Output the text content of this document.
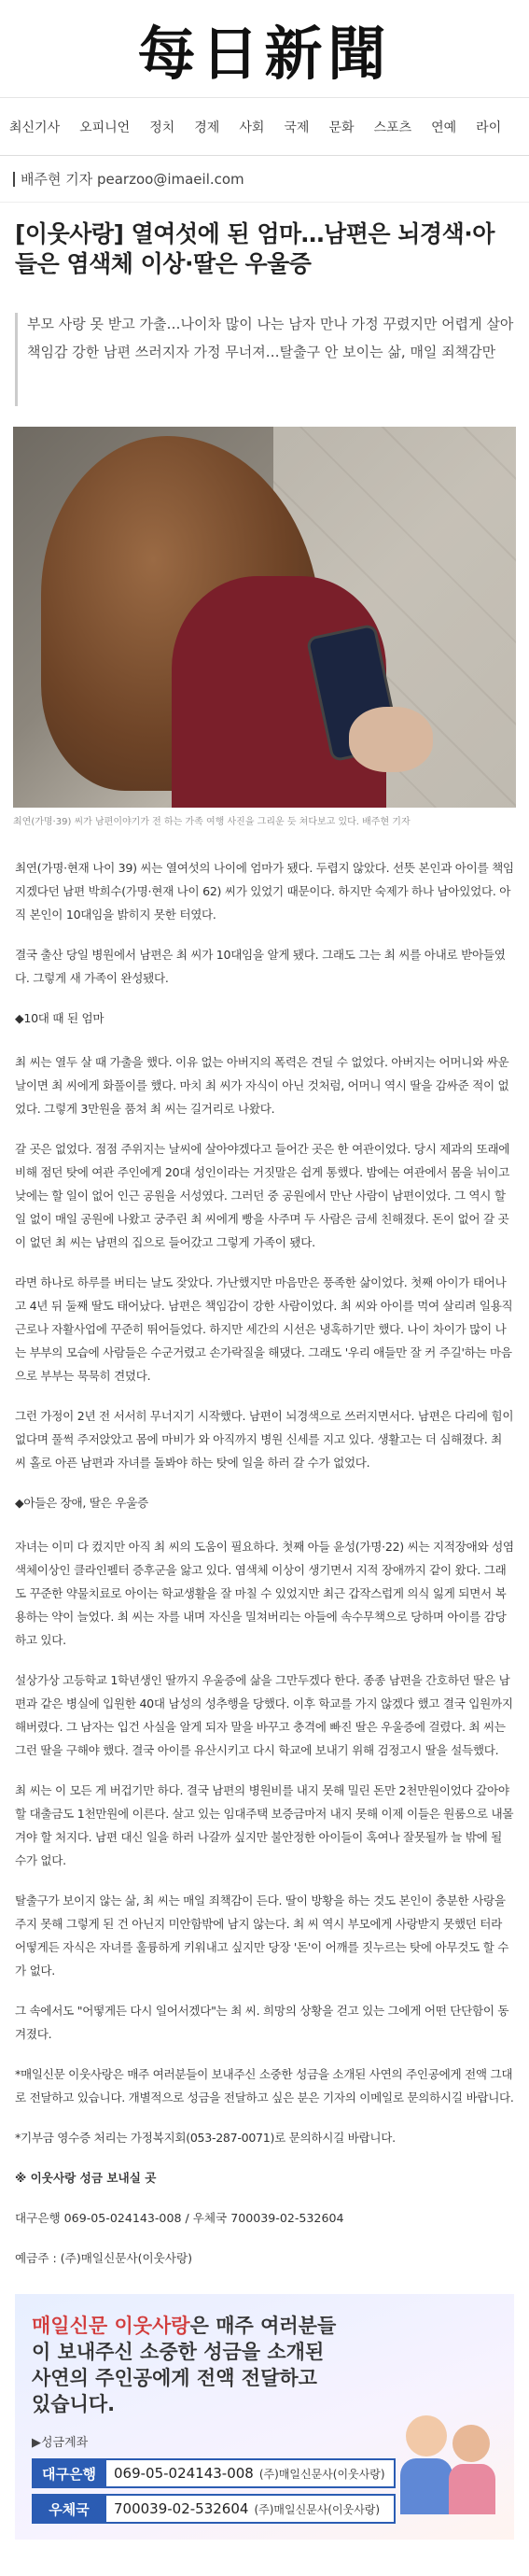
每日新聞
최신기사 오피니언 정치 경제 사회 국제 문화 스포츠 연예 라이
배주현 기자 pearzoo@imaeil.com
[이웃사랑] 열여섯에 된 엄마…남편은 뇌경색·아들은 염색체 이상·딸은 우울증

부모 사랑 못 받고 가출…나이차 많이 나는 남자 만나 가정 꾸렸지만 어렵게 살아

책임감 강한 남편 쓰러지자 가정 무너져…탈출구 안 보이는 삶, 매일 죄책감만

최연(가명·39) 씨가 남편이야기가 전 하는 가족 여행 사진을 그리운 듯 쳐다보고 있다. 배주현 기자

최연(가명·현재 나이 39) 씨는 열여섯의 나이에 엄마가 됐다. 두렵지 않았다. 선뜻 본인과 아이를 책임지겠다던 남편 박희수(가명·현재 나이 62) 씨가 있었기 때문이다. 하지만 숙제가 하나 남아있었다. 아직 본인이 10대임을 밝히지 못한 터였다.

결국 출산 당일 병원에서 남편은 최 씨가 10대임을 알게 됐다. 그래도 그는 최 씨를 아내로 받아들였다. 그렇게 새 가족이 완성됐다.

◆10대 때 된 엄마

최 씨는 열두 살 때 가출을 했다. 이유 없는 아버지의 폭력은 견딜 수 없었다. 아버지는 어머니와 싸운 날이면 최 씨에게 화풀이를 했다. 마치 최 씨가 자식이 아닌 것처럼, 어머니 역시 딸을 감싸준 적이 없었다. 그렇게 3만원을 품쳐 최 씨는 길거리로 나왔다.

갈 곳은 없었다. 점점 주위지는 날씨에 살아야겠다고 들어간 곳은 한 여관이었다. 당시 제과의 또래에 비해 점던 탓에 여관 주인에게 20대 성인이라는 거짓말은 쉽게 통했다. 밤에는 여관에서 몸을 뉘이고 낮에는 할 일이 없어 인근 공원을 서성였다. 그러던 중 공원에서 만난 사람이 남편이었다. 그 역시 할 일 없이 매일 공원에 나왔고 궁주린 최 씨에게 빵을 사주며 두 사람은 금세 친해졌다. 돈이 없어 갈 곳이 없던 최 씨는 남편의 집으로 들어갔고 그렇게 가족이 됐다.

라면 하나로 하루를 버티는 날도 잦았다. 가난했지만 마음만은 풍족한 삶이었다. 첫째 아이가 태어나고 4년 뒤 둘째 딸도 태어났다. 남편은 책임감이 강한 사람이었다. 최 씨와 아이를 먹여 살리려 일용직 근로나 자활사업에 꾸준히 뛰어들었다. 하지만 세간의 시선은 냉혹하기만 했다. 나이 차이가 많이 나는 부부의 모습에 사람들은 수군거렸고 손가락질을 해댔다. 그래도 '우리 애들만 잘 커 주길'하는 마음으로 부부는 묵묵히 견뎠다.

그런 가정이 2년 전 서서히 무너지기 시작했다. 남편이 뇌경색으로 쓰러지면서다. 남편은 다리에 힘이 없다며 풀썩 주저앉았고 몸에 마비가 와 아직까지 병원 신세를 지고 있다. 생활고는 더 심해졌다. 최 씨 홀로 아픈 남편과 자녀를 돌봐야 하는 탓에 일을 하러 갈 수가 없었다.

◆아들은 장애, 딸은 우울증

자녀는 이미 다 컸지만 아직 최 씨의 도움이 필요하다. 첫째 아들 윤성(가명·22) 씨는 지적장애와 성염색체이상인 클라인펠터 증후군을 앓고 있다. 염색체 이상이 생기면서 지적 장애까지 같이 왔다. 그래도 꾸준한 약물치료로 아이는 학교생활을 잘 마칠 수 있었지만 최근 갑작스럽게 의식 잃게 되면서 복용하는 약이 늘었다. 최 씨는 자를 내며 자신을 밀쳐버리는 아들에 속수무책으로 당하며 아이를 감당하고 있다.

설상가상 고등학교 1학년생인 딸까지 우울증에 삶을 그만두겠다 한다. 종종 남편을 간호하던 딸은 남편과 같은 병실에 입원한 40대 남성의 성추행을 당했다. 이후 학교를 가지 않겠다 했고 결국 입원까지 해버렸다. 그 남자는 입건 사실을 알게 되자 말을 바꾸고 충격에 빠진 딸은 우울증에 걸렸다. 최 씨는 그런 딸을 구해야 했다. 결국 아이를 유산시키고 다시 학교에 보내기 위해 검정고시 딸을 설득했다.

최 씨는 이 모든 게 버겁기만 하다. 결국 남편의 병원비를 내지 못해 밀린 돈만 2천만원이었다 갚아야할 대출금도 1천만원에 이른다. 살고 있는 임대주택 보증금마저 내지 못해 이제 이들은 원룸으로 내몰겨야 할 처지다. 남편 대신 일을 하러 나갈까 싶지만 불안정한 아이들이 혹여나 잘못될까 늘 밖에 될 수가 없다.

탈출구가 보이지 않는 삶, 최 씨는 매일 죄책감이 든다. 딸이 방황을 하는 것도 본인이 충분한 사랑을 주지 못해 그렇게 된 건 아닌지 미안함밖에 남지 않는다. 최 씨 역시 부모에게 사랑받지 못했던 터라 어떻게든 자식은 자녀를 훌륭하게 키워내고 싶지만 당장 '돈'이 어깨를 짓누르는 탓에 아무것도 할 수가 없다.

그 속에서도 "어떻게든 다시 일어서겠다"는 최 씨. 희망의 상황을 걷고 있는 그에게 어떤 단단함이 동겨졌다.

*매일신문 이웃사랑은 매주 여러분들이 보내주신 소중한 성금을 소개된 사연의 주인공에게 전액 그대로 전달하고 있습니다. 개별적으로 성금을 전달하고 싶은 분은 기자의 이메일로 문의하시길 바랍니다.

*기부금 영수증 처리는 가정복지회(053-287-0071)로 문의하시길 바랍니다.

※ 이웃사랑 성금 보내실 곳

대구은행 069-05-024143-008 / 우체국 700039-02-532604

예금주 : (주)매일신문사(이웃사랑)

매일신문 이웃사랑은 매주 여러분들이 보내주신 소중한 성금을 소개된 사연의 주인공에게 전액 전달하고 있습니다.
▶성금계좌
대구은행	069-05-024143-008 (주)매일신문사(이웃사랑)
우체국	700039-02-532604 (주)매일신문사(이웃사랑)
